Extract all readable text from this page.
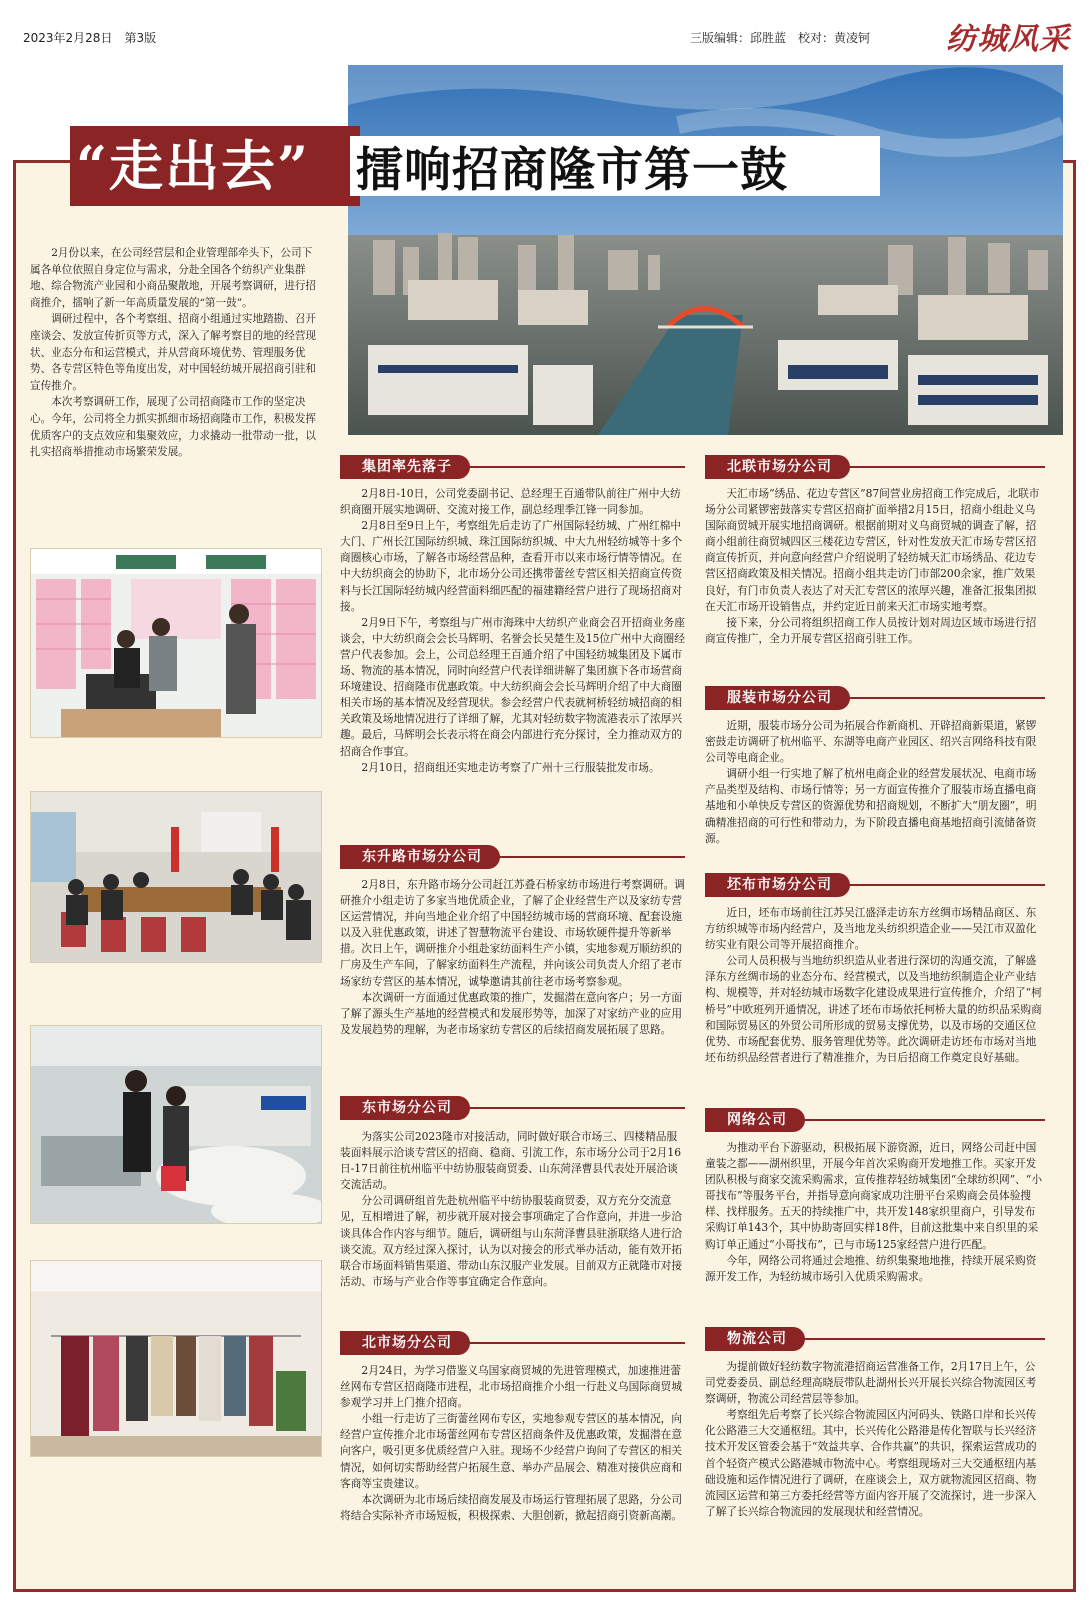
2023年2月28日　第3版	三版编辑：邱胜蓝　校对：黄凌钶	纺城风采
“走出去” 擂响招商隆市第一鼓

2月份以来，在公司经营层和企业管理部牵头下，公司下属各单位依照自身定位与需求，分赴全国各个纺织产业集群地、综合物流产业园和小商品聚散地，开展考察调研，进行招商推介，擂响了新一年高质量发展的“第一鼓”。

调研过程中，各个考察组、招商小组通过实地踏勘、召开座谈会、发放宣传折页等方式，深入了解考察目的地的经营现状、业态分布和运营模式，并从营商环境优势、管理服务优势、各专营区特色等角度出发，对中国轻纺城开展招商引驻和宣传推介。

本次考察调研工作，展现了公司招商隆市工作的坚定决心。今年，公司将全力抓实抓细市场招商隆市工作，积极发挥优质客户的支点效应和集聚效应，力求撬动一批带动一批，以扎实招商举措推动市场繁荣发展。

集团率先落子

2月8日-10日，公司党委副书记、总经理王百通带队前往广州中大纺织商圈开展实地调研、交流对接工作，副总经理季江锋一同参加。

2月8日至9日上午，考察组先后走访了广州国际轻纺城、广州红棉中大门、广州长江国际纺织城、珠江国际纺织城、中大九州轻纺城等十多个商圈核心市场，了解各市场经营品种，查看开市以来市场行情等情况。在中大纺织商会的协助下，北市场分公司还携带蕾丝专营区相关招商宣传资料与长江国际轻纺城内经营面料细匹配的福建籍经营户进行了现场招商对接。

2月9日下午，考察组与广州市海珠中大纺织产业商会召开招商业务座谈会，中大纺织商会会长马辉明、名誉会长吴楚生及15位广州中大商圈经营户代表参加。会上，公司总经理王百通介绍了中国轻纺城集团及下属市场、物流的基本情况，同时向经营户代表详细讲解了集团旗下各市场营商环境建设、招商隆市优惠政策。中大纺织商会会长马辉明介绍了中大商圈相关市场的基本情况及经营现状。参会经营户代表就柯桥轻纺城招商的相关政策及场地情况进行了详细了解，尤其对轻纺数字物流港表示了浓厚兴趣。最后，马辉明会长表示将在商会内部进行充分探讨，全力推动双方的招商合作事宜。

2月10日，招商组还实地走访考察了广州十三行服装批发市场。

东升路市场分公司

2月8日，东升路市场分公司赶江苏叠石桥家纺市场进行考察调研。调研推介小组走访了多家当地优质企业，了解了企业经营生产以及家纺专营区运营情况，并向当地企业介绍了中国轻纺城市场的营商环境、配套设施以及入驻优惠政策，讲述了智慧物流平台建设、市场软硬件提升等新举措。次日上午，调研推介小组赴家纺面料生产小镇，实地参观万顺纺织的厂房及生产车间，了解家纺面料生产流程，并向该公司负责人介绍了老市场家纺专营区的基本情况，诚挚邀请其前往老市场考察参观。

本次调研一方面通过优惠政策的推广，发掘潜在意向客户；另一方面了解了源头生产基地的经营模式和发展形势等，加深了对家纺产业的应用及发展趋势的理解，为老市场家纺专营区的后续招商发展拓展了思路。

东市场分公司

为落实公司2023隆市对接活动，同时做好联合市场三、四楼精品服装面料展示洽谈专营区的招商、稳商、引流工作，东市场分公司于2月16日-17日前往杭州临平中纺协服装商贸委、山东菏泽曹县代表处开展洽谈交流活动。

分公司调研组首先赴杭州临平中纺协服装商贸委，双方充分交流意见，互相增进了解，初步就开展对接会事项确定了合作意向，并进一步洽谈具体合作内容与细节。随后，调研组与山东菏泽曹县驻浙联络人进行洽谈交流。双方经过深入探讨，认为以对接会的形式举办活动，能有效开拓联合市场面料销售渠道、带动山东汉服产业发展。目前双方正就隆市对接活动、市场与产业合作等事宜确定合作意向。

北市场分公司

2月24日，为学习借鉴义乌国家商贸城的先进管理模式，加速推进蕾丝网布专营区招商隆市进程，北市场招商推介小组一行赴义乌国际商贸城参观学习并上门推介招商。

小组一行走访了三街蕾丝网布专区，实地参观专营区的基本情况，向经营户宣传推介北市场蕾丝网布专营区招商条件及优惠政策，发掘潜在意向客户，吸引更多优质经营户入驻。现场不少经营户询问了专营区的相关情况，如何切实帮助经营户拓展生意、举办产品展会、精准对接供应商和客商等宝贵建议。

本次调研为北市场后续招商发展及市场运行管理拓展了思路，分公司将结合实际补齐市场短板，积极探索、大胆创新，掀起招商引资新高潮。

北联市场分公司

天汇市场“绣品、花边专营区”87间营业房招商工作完成后，北联市场分公司紧锣密鼓落实专营区招商扩面举措2月15日，招商小组赴义乌国际商贸城开展实地招商调研。根据前期对义乌商贸城的调查了解，招商小组前往商贸城四区三楼花边专营区，针对性发放天汇市场专营区招商宣传折页，并向意向经营户介绍说明了轻纺城天汇市场绣品、花边专营区招商政策及相关情况。招商小组共走访门市部200余家，推广效果良好，有门市负责人表达了对天汇专营区的浓厚兴趣，准备汇报集团拟在天汇市场开设销售点，并约定近日前来天汇市场实地考察。

接下来，分公司将组织招商工作人员按计划对周边区域市场进行招商宣传推广，全力开展专营区招商引驻工作。

服装市场分公司

近期，服装市场分公司为拓展合作新商机、开辟招商新渠道，紧锣密鼓走访调研了杭州临平、东湖等电商产业园区、绍兴言网络科技有限公司等电商企业。

调研小组一行实地了解了杭州电商企业的经营发展状况、电商市场产品类型及结构、市场行情等；另一方面宣传推介了服装市场直播电商基地和小单快反专营区的资源优势和招商规划，不断扩大“朋友圈”，明确精准招商的可行性和带动力，为下阶段直播电商基地招商引流储备资源。

坯布市场分公司

近日，坯布市场前往江苏吴江盛泽走访东方丝绸市场精品商区、东方纺织城等市场内经营户，及当地龙头纺织织造企业——吴江市双盈化纺实业有限公司等开展招商推介。

公司人员积极与当地纺织织造从业者进行深切的沟通交流，了解盛泽东方丝绸市场的业态分布、经营模式，以及当地纺织制造企业产业结构、规模等，并对轻纺城市场数字化建设成果进行宣传推介，介绍了“柯桥号”中欧班列开通情况，讲述了坯布市场依托柯桥大量的纺织品采购商和国际贸易区的外贸公司所形成的贸易支撑优势，以及市场的交通区位优势、市场配套优势、服务管理优势等。此次调研走访坯布市场对当地坯布纺织品经营者进行了精准推介，为日后招商工作奠定良好基础。

网络公司

为推动平台下游驱动，积极拓展下游资源，近日，网络公司赶中国童装之都——湖州织里，开展今年首次采购商开发地推工作。买家开发团队积极与商家交流采购需求，宣传推荐轻纺城集团“全球纺织网”、“小哥找布”等服务平台，并指导意向商家成功注册平台采购商会员体验搜样、找样服务。五天的持续推广中，共开发148家织里商户，引导发布采购订单143个，其中协助寄回实样18件，目前这批集中来自织里的采购订单正通过“小哥找布”，已与市场125家经营户进行匹配。

今年，网络公司将通过会地推、纺织集聚地地推，持续开展采购资源开发工作，为轻纺城市场引入优质采购需求。

物流公司

为提前做好轻纺数字物流港招商运营准备工作，2月17日上午，公司党委委员、副总经理高晓辰带队赴湖州长兴开展长兴综合物流园区考察调研，物流公司经营层等参加。

考察组先后考察了长兴综合物流园区内河码头、铁路口岸和长兴传化公路港三大交通枢纽。其中，长兴传化公路港是传化智联与长兴经济技术开发区管委会基于“效益共享、合作共赢”的共识，探索运营成功的首个轻资产模式公路港城市物流中心。考察组现场对三大交通枢纽内基础设施和运作情况进行了调研，在座谈会上，双方就物流园区招商、物流园区运营和第三方委托经营等方面内容开展了交流探讨，进一步深入了解了长兴综合物流园的发展现状和经营情况。
